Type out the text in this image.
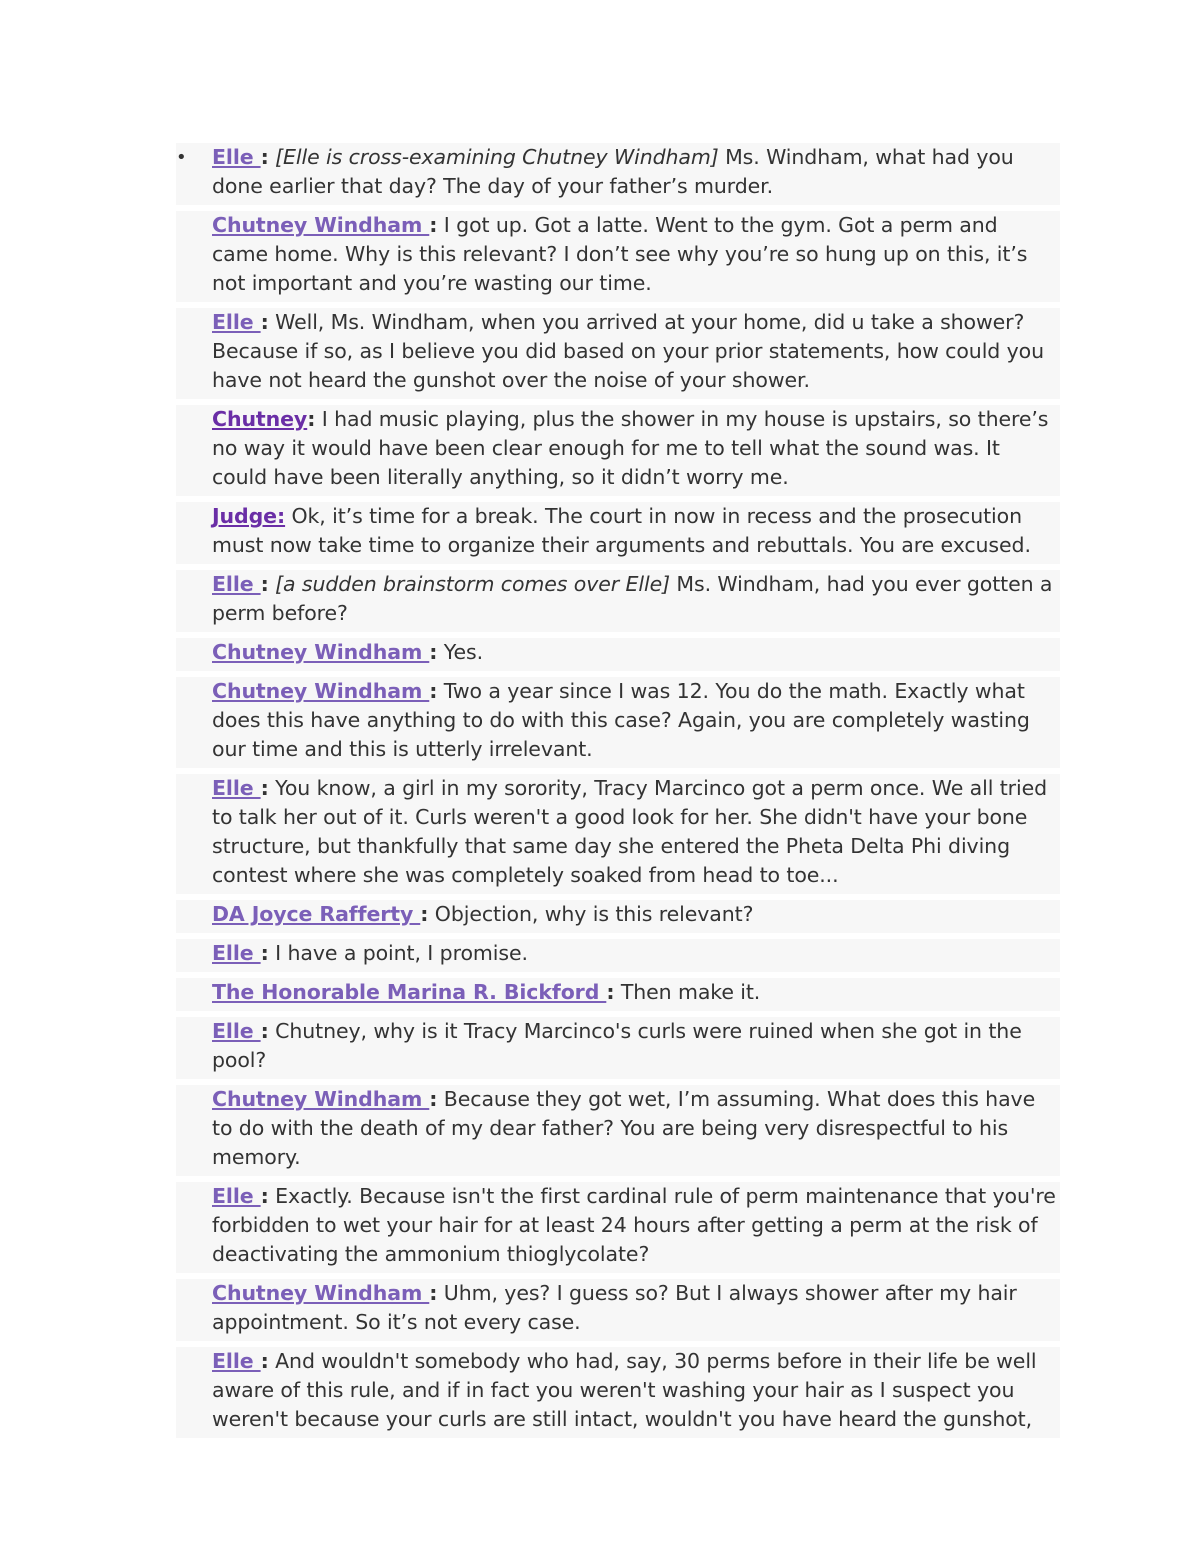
• Elle : [Elle is cross-examining Chutney Windham] Ms. Windham, what had you done earlier that day? The day of your father’s murder.
Chutney Windham : I got up. Got a latte. Went to the gym. Got a perm and came home. Why is this relevant? I don’t see why you’re so hung up on this, it’s not important and you’re wasting our time.
Elle : Well, Ms. Windham, when you arrived at your home, did u take a shower? Because if so, as I believe you did based on your prior statements, how could you have not heard the gunshot over the noise of your shower.
Chutney: I had music playing, plus the shower in my house is upstairs, so there’s no way it would have been clear enough for me to tell what the sound was. It could have been literally anything, so it didn’t worry me.
Judge: Ok, it’s time for a break. The court in now in recess and the prosecution must now take time to organize their arguments and rebuttals. You are excused.
Elle : [a sudden brainstorm comes over Elle] Ms. Windham, had you ever gotten a perm before?
Chutney Windham : Yes.
Chutney Windham : Two a year since I was 12. You do the math. Exactly what does this have anything to do with this case? Again, you are completely wasting our time and this is utterly irrelevant.
Elle : You know, a girl in my sorority, Tracy Marcinco got a perm once. We all tried to talk her out of it. Curls weren't a good look for her. She didn't have your bone structure, but thankfully that same day she entered the Pheta Delta Phi diving contest where she was completely soaked from head to toe...
DA Joyce Rafferty : Objection, why is this relevant?
Elle : I have a point, I promise.
The Honorable Marina R. Bickford : Then make it.
Elle : Chutney, why is it Tracy Marcinco's curls were ruined when she got in the pool?
Chutney Windham : Because they got wet, I’m assuming. What does this have to do with the death of my dear father? You are being very disrespectful to his memory.
Elle : Exactly. Because isn't the first cardinal rule of perm maintenance that you're forbidden to wet your hair for at least 24 hours after getting a perm at the risk of deactivating the ammonium thioglycolate?
Chutney Windham : Uhm, yes? I guess so? But I always shower after my hair appointment. So it’s not every case.
Elle : And wouldn't somebody who had, say, 30 perms before in their life be well aware of this rule, and if in fact you weren't washing your hair as I suspect you weren't because your curls are still intact, wouldn't you have heard the gunshot,
